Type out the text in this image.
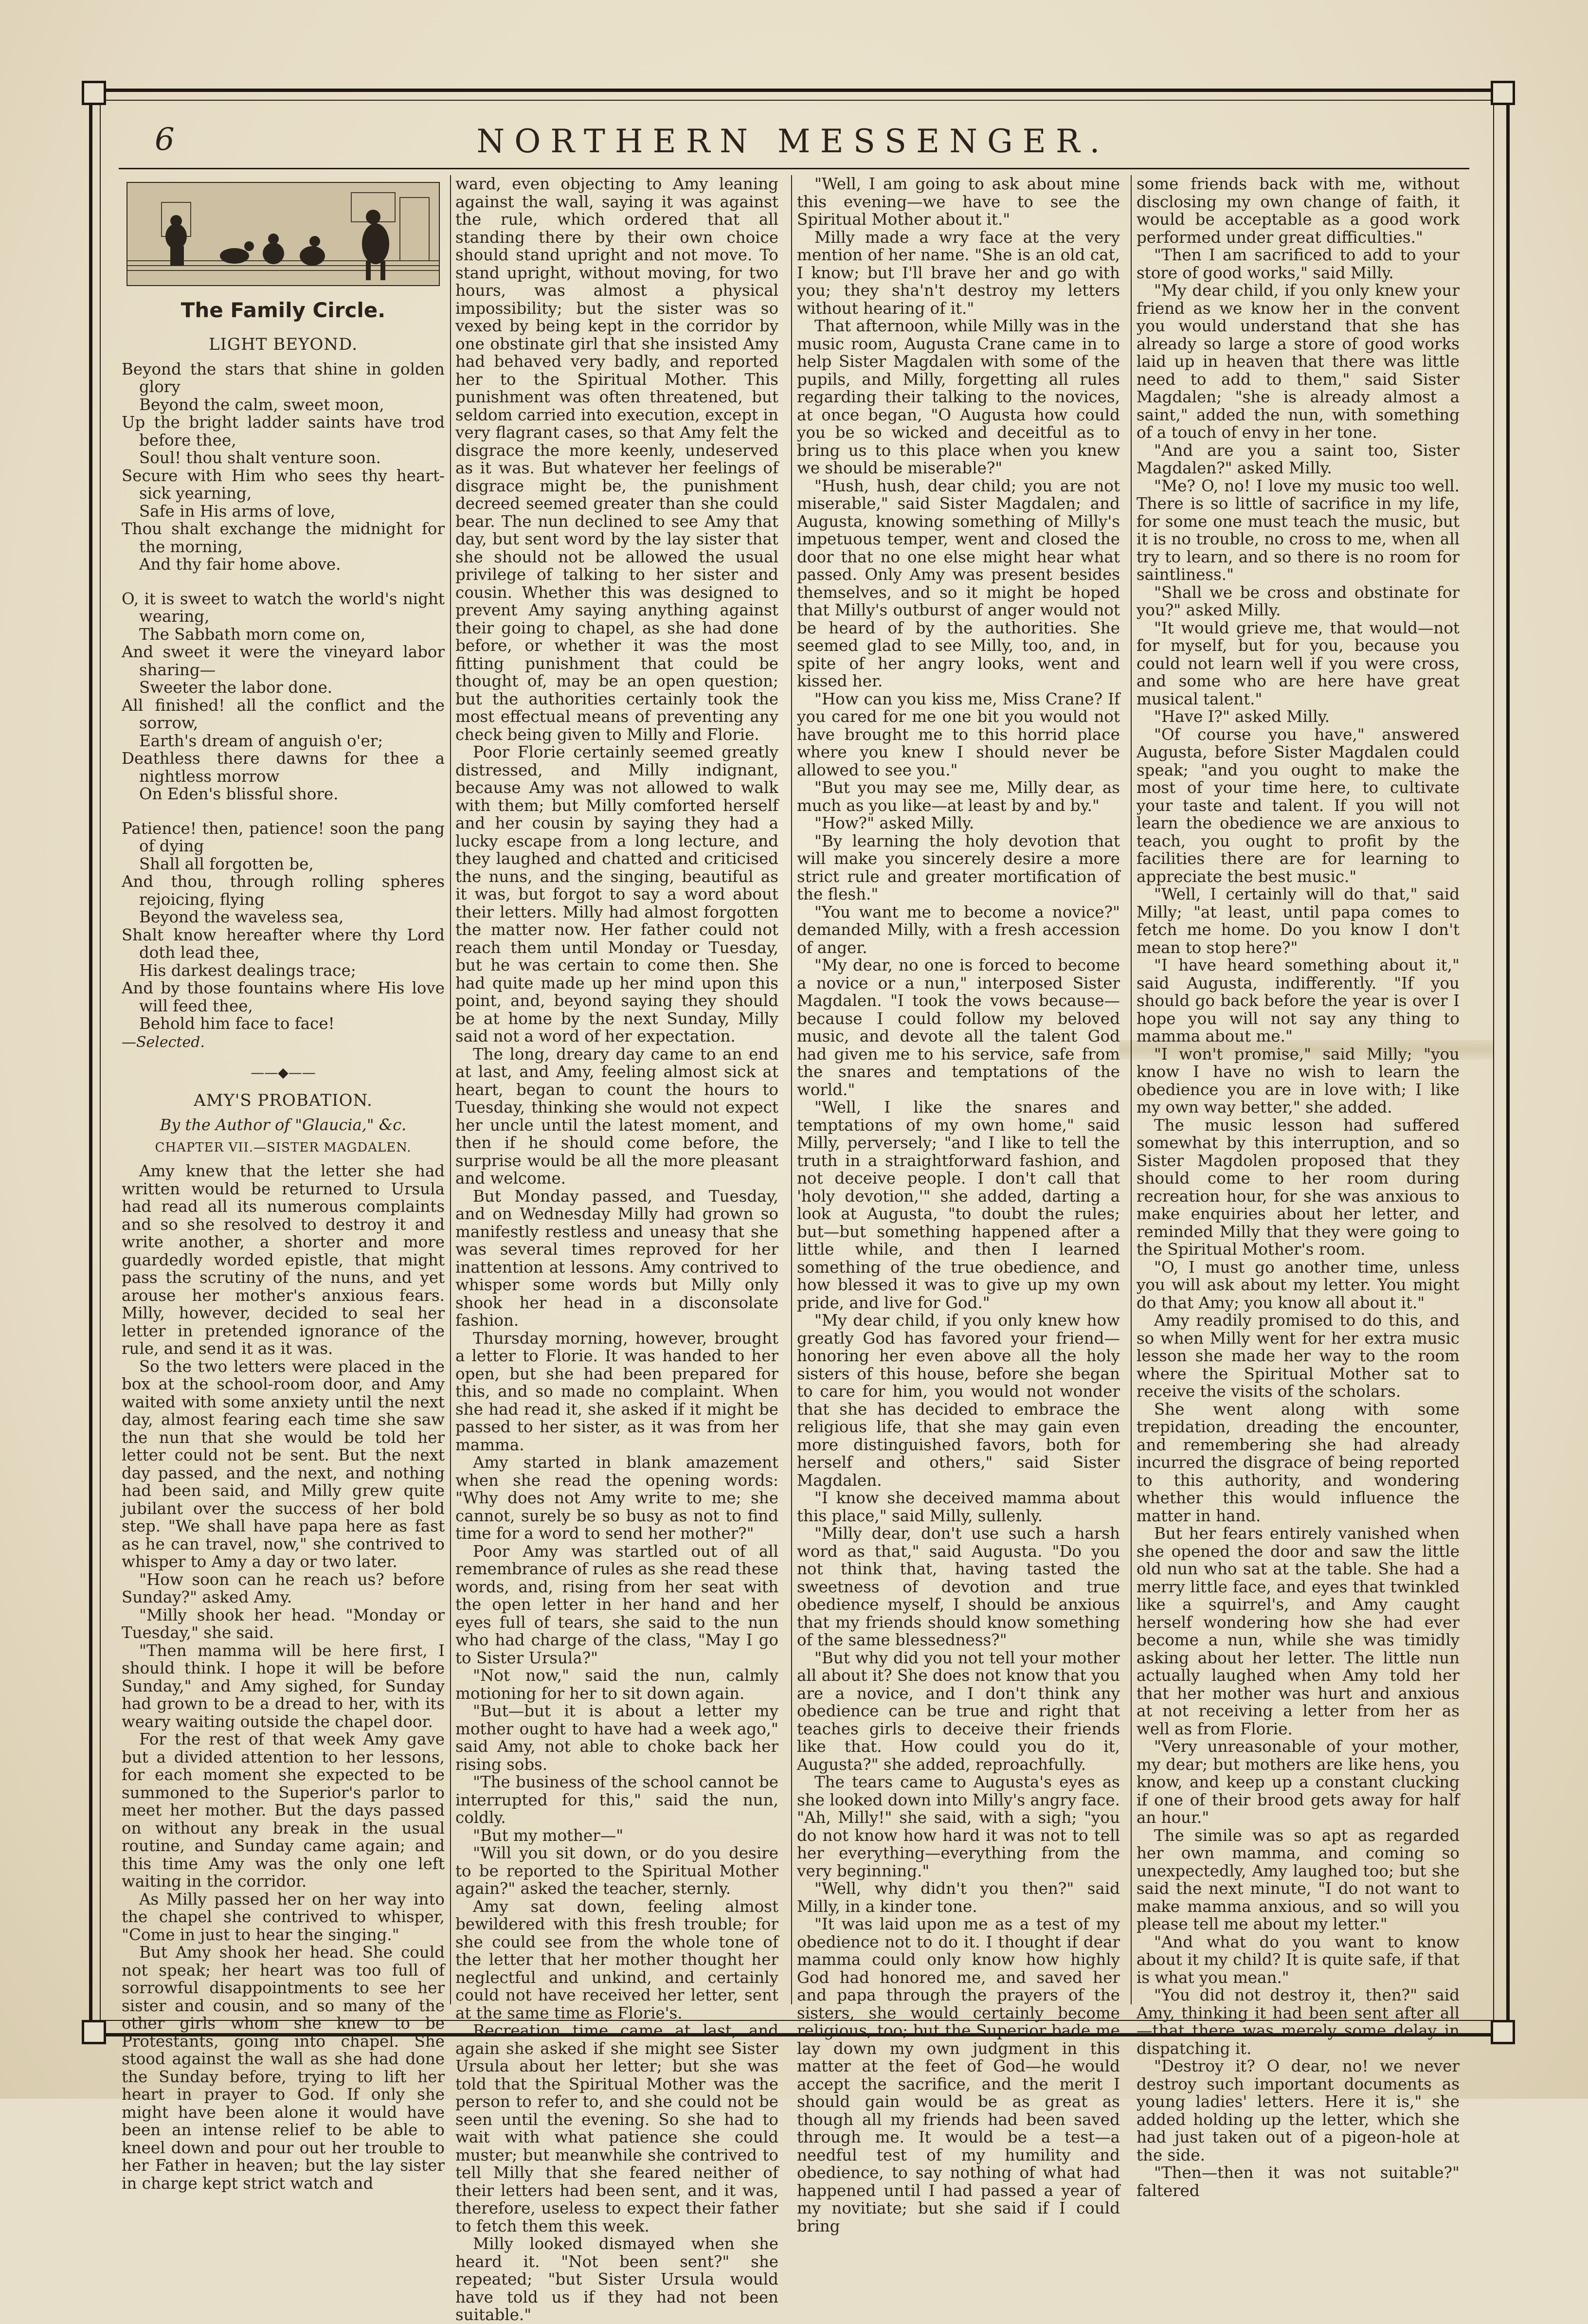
6	NORTHERN MESSENGER.
The Family Circle.
LIGHT BEYOND.
Beyond the stars that shine in golden glory
Beyond the calm, sweet moon,
Up the bright ladder saints have trod before thee,
Soul! thou shalt venture soon.
Secure with Him who sees thy heart-sick yearning,
Safe in His arms of love,
Thou shalt exchange the midnight for the morning,
And thy fair home above.
O, it is sweet to watch the world's night wearing,
The Sabbath morn come on,
And sweet it were the vineyard labor sharing—
Sweeter the labor done.
All finished! all the conflict and the sorrow,
Earth's dream of anguish o'er;
Deathless there dawns for thee a nightless morrow
On Eden's blissful shore.
Patience! then, patience! soon the pang of dying
Shall all forgotten be,
And thou, through rolling spheres rejoicing, flying
Beyond the waveless sea,
Shalt know hereafter where thy Lord doth lead thee,
His darkest dealings trace;
And by those fountains where His love will feed thee,
Behold him face to face!
—Selected.
——◆——
AMY'S PROBATION.
By the Author of "Glaucia," &c.
CHAPTER VII.—SISTER MAGDALEN.

Amy knew that the letter she had written would be returned to Ursula had read all its numerous complaints and so she resolved to destroy it and write another, a shorter and more guardedly worded epistle, that might pass the scrutiny of the nuns, and yet arouse her mother's anxious fears. Milly, however, decided to seal her letter in pretended ignorance of the rule, and send it as it was.

So the two letters were placed in the box at the school-room door, and Amy waited with some anxiety until the next day, almost fearing each time she saw the nun that she would be told her letter could not be sent. But the next day passed, and the next, and nothing had been said, and Milly grew quite jubilant over the success of her bold step. "We shall have papa here as fast as he can travel, now," she contrived to whisper to Amy a day or two later.

"How soon can he reach us? before Sunday?" asked Amy.

"Milly shook her head. "Monday or Tuesday," she said.

"Then mamma will be here first, I should think. I hope it will be before Sunday," and Amy sighed, for Sunday had grown to be a dread to her, with its weary waiting outside the chapel door.

For the rest of that week Amy gave but a divided attention to her lessons, for each moment she expected to be summoned to the Superior's parlor to meet her mother. But the days passed on without any break in the usual routine, and Sunday came again; and this time Amy was the only one left waiting in the corridor.

As Milly passed her on her way into the chapel she contrived to whisper, "Come in just to hear the singing."

But Amy shook her head. She could not speak; her heart was too full of sorrowful disappointments to see her sister and cousin, and so many of the other girls whom she knew to be Protestants, going into chapel. She stood against the wall as she had done the Sunday before, trying to lift her heart in prayer to God. If only she might have been alone it would have been an intense relief to be able to kneel down and pour out her trouble to her Father in heaven; but the lay sister in charge kept strict watch and

ward, even objecting to Amy leaning against the wall, saying it was against the rule, which ordered that all standing there by their own choice should stand upright and not move. To stand upright, without moving, for two hours, was almost a physical impossibility; but the sister was so vexed by being kept in the corridor by one obstinate girl that she insisted Amy had behaved very badly, and reported her to the Spiritual Mother. This punishment was often threatened, but seldom carried into execution, except in very flagrant cases, so that Amy felt the disgrace the more keenly, undeserved as it was. But whatever her feelings of disgrace might be, the punishment decreed seemed greater than she could bear. The nun declined to see Amy that day, but sent word by the lay sister that she should not be allowed the usual privilege of talking to her sister and cousin. Whether this was designed to prevent Amy saying anything against their going to chapel, as she had done before, or whether it was the most fitting punishment that could be thought of, may be an open question; but the authorities certainly took the most effectual means of preventing any check being given to Milly and Florie.

Poor Florie certainly seemed greatly distressed, and Milly indignant, because Amy was not allowed to walk with them; but Milly comforted herself and her cousin by saying they had a lucky escape from a long lecture, and they laughed and chatted and criticised the nuns, and the singing, beautiful as it was, but forgot to say a word about their letters. Milly had almost forgotten the matter now. Her father could not reach them until Monday or Tuesday, but he was certain to come then. She had quite made up her mind upon this point, and, beyond saying they should be at home by the next Sunday, Milly said not a word of her expectation.

The long, dreary day came to an end at last, and Amy, feeling almost sick at heart, began to count the hours to Tuesday, thinking she would not expect her uncle until the latest moment, and then if he should come before, the surprise would be all the more pleasant and welcome.

But Monday passed, and Tuesday, and on Wednesday Milly had grown so manifestly restless and uneasy that she was several times reproved for her inattention at lessons. Amy contrived to whisper some words but Milly only shook her head in a disconsolate fashion.

Thursday morning, however, brought a letter to Florie. It was handed to her open, but she had been prepared for this, and so made no complaint. When she had read it, she asked if it might be passed to her sister, as it was from her mamma.

Amy started in blank amazement when she read the opening words: "Why does not Amy write to me; she cannot, surely be so busy as not to find time for a word to send her mother?"

Poor Amy was startled out of all remembrance of rules as she read these words, and, rising from her seat with the open letter in her hand and her eyes full of tears, she said to the nun who had charge of the class, "May I go to Sister Ursula?"

"Not now," said the nun, calmly motioning for her to sit down again.

"But—but it is about a letter my mother ought to have had a week ago," said Amy, not able to choke back her rising sobs.

"The business of the school cannot be interrupted for this," said the nun, coldly.

"But my mother—"

"Will you sit down, or do you desire to be reported to the Spiritual Mother again?" asked the teacher, sternly.

Amy sat down, feeling almost bewildered with this fresh trouble; for she could see from the whole tone of the letter that her mother thought her neglectful and unkind, and certainly could not have received her letter, sent at the same time as Florie's.

Recreation time came at last, and again she asked if she might see Sister Ursula about her letter; but she was told that the Spiritual Mother was the person to refer to, and she could not be seen until the evening. So she had to wait with what patience she could muster; but meanwhile she contrived to tell Milly that she feared neither of their letters had been sent, and it was, therefore, useless to expect their father to fetch them this week.

Milly looked dismayed when she heard it. "Not been sent?" she repeated; "but Sister Ursula would have told us if they had not been suitable."

"Well, I am going to ask about mine this evening—we have to see the Spiritual Mother about it."

Milly made a wry face at the very mention of her name. "She is an old cat, I know; but I'll brave her and go with you; they sha'n't destroy my letters without hearing of it."

That afternoon, while Milly was in the music room, Augusta Crane came in to help Sister Magdalen with some of the pupils, and Milly, forgetting all rules regarding their talking to the novices, at once began, "O Augusta how could you be so wicked and deceitful as to bring us to this place when you knew we should be miserable?"

"Hush, hush, dear child; you are not miserable," said Sister Magdalen; and Augusta, knowing something of Milly's impetuous temper, went and closed the door that no one else might hear what passed. Only Amy was present besides themselves, and so it might be hoped that Milly's outburst of anger would not be heard of by the authorities. She seemed glad to see Milly, too, and, in spite of her angry looks, went and kissed her.

"How can you kiss me, Miss Crane? If you cared for me one bit you would not have brought me to this horrid place where you knew I should never be allowed to see you."

"But you may see me, Milly dear, as much as you like—at least by and by."

"How?" asked Milly.

"By learning the holy devotion that will make you sincerely desire a more strict rule and greater mortification of the flesh."

"You want me to become a novice?" demanded Milly, with a fresh accession of anger.

"My dear, no one is forced to become a novice or a nun," interposed Sister Magdalen. "I took the vows because—because I could follow my beloved music, and devote all the talent God had given me to his service, safe from the snares and temptations of the world."

"Well, I like the snares and temptations of my own home," said Milly, perversely; "and I like to tell the truth in a straightforward fashion, and not deceive people. I don't call that 'holy devotion,'" she added, darting a look at Augusta, "to doubt the rules; but—but something happened after a little while, and then I learned something of the true obedience, and how blessed it was to give up my own pride, and live for God."

"My dear child, if you only knew how greatly God has favored your friend—honoring her even above all the holy sisters of this house, before she began to care for him, you would not wonder that she has decided to embrace the religious life, that she may gain even more distinguished favors, both for herself and others," said Sister Magdalen.

"I know she deceived mamma about this place," said Milly, sullenly.

"Milly dear, don't use such a harsh word as that," said Augusta. "Do you not think that, having tasted the sweetness of devotion and true obedience myself, I should be anxious that my friends should know something of the same blessedness?"

"But why did you not tell your mother all about it? She does not know that you are a novice, and I don't think any obedience can be true and right that teaches girls to deceive their friends like that. How could you do it, Augusta?" she added, reproachfully.

The tears came to Augusta's eyes as she looked down into Milly's angry face. "Ah, Milly!" she said, with a sigh; "you do not know how hard it was not to tell her everything—everything from the very beginning."

"Well, why didn't you then?" said Milly, in a kinder tone.

"It was laid upon me as a test of my obedience not to do it. I thought if dear mamma could only know how highly God had honored me, and saved her and papa through the prayers of the sisters, she would certainly become religious, too; but the Superior bade me lay down my own judgment in this matter at the feet of God—he would accept the sacrifice, and the merit I should gain would be as great as though all my friends had been saved through me. It would be a test—a needful test of my humility and obedience, to say nothing of what had happened until I had passed a year of my novitiate; but she said if I could bring

some friends back with me, without disclosing my own change of faith, it would be acceptable as a good work performed under great difficulties."

"Then I am sacrificed to add to your store of good works," said Milly.

"My dear child, if you only knew your friend as we know her in the convent you would understand that she has already so large a store of good works laid up in heaven that there was little need to add to them," said Sister Magdalen; "she is already almost a saint," added the nun, with something of a touch of envy in her tone.

"And are you a saint too, Sister Magdalen?" asked Milly.

"Me? O, no! I love my music too well. There is so little of sacrifice in my life, for some one must teach the music, but it is no trouble, no cross to me, when all try to learn, and so there is no room for saintliness."

"Shall we be cross and obstinate for you?" asked Milly.

"It would grieve me, that would—not for myself, but for you, because you could not learn well if you were cross, and some who are here have great musical talent."

"Have I?" asked Milly.

"Of course you have," answered Augusta, before Sister Magdalen could speak; "and you ought to make the most of your time here, to cultivate your taste and talent. If you will not learn the obedience we are anxious to teach, you ought to profit by the facilities there are for learning to appreciate the best music."

"Well, I certainly will do that," said Milly; "at least, until papa comes to fetch me home. Do you know I don't mean to stop here?"

"I have heard something about it," said Augusta, indifferently. "If you should go back before the year is over I hope you will not say any thing to mamma about me."

"I won't promise," said Milly; "you know I have no wish to learn the obedience you are in love with; I like my own way better," she added.

The music lesson had suffered somewhat by this interruption, and so Sister Magdolen proposed that they should come to her room during recreation hour, for she was anxious to make enquiries about her letter, and reminded Milly that they were going to the Spiritual Mother's room.

"O, I must go another time, unless you will ask about my letter. You might do that Amy; you know all about it."

Amy readily promised to do this, and so when Milly went for her extra music lesson she made her way to the room where the Spiritual Mother sat to receive the visits of the scholars.

She went along with some trepidation, dreading the encounter, and remembering she had already incurred the disgrace of being reported to this authority, and wondering whether this would influence the matter in hand.

But her fears entirely vanished when she opened the door and saw the little old nun who sat at the table. She had a merry little face, and eyes that twinkled like a squirrel's, and Amy caught herself wondering how she had ever become a nun, while she was timidly asking about her letter. The little nun actually laughed when Amy told her that her mother was hurt and anxious at not receiving a letter from her as well as from Florie.

"Very unreasonable of your mother, my dear; but mothers are like hens, you know, and keep up a constant clucking if one of their brood gets away for half an hour."

The simile was so apt as regarded her own mamma, and coming so unexpectedly, Amy laughed too; but she said the next minute, "I do not want to make mamma anxious, and so will you please tell me about my letter."

"And what do you want to know about it my child? It is quite safe, if that is what you mean."

"You did not destroy it, then?" said Amy, thinking it had been sent after all—that there was merely some delay in dispatching it.

"Destroy it? O dear, no! we never destroy such important documents as young ladies' letters. Here it is," she added holding up the letter, which she had just taken out of a pigeon-hole at the side.

"Then—then it was not suitable?" faltered
